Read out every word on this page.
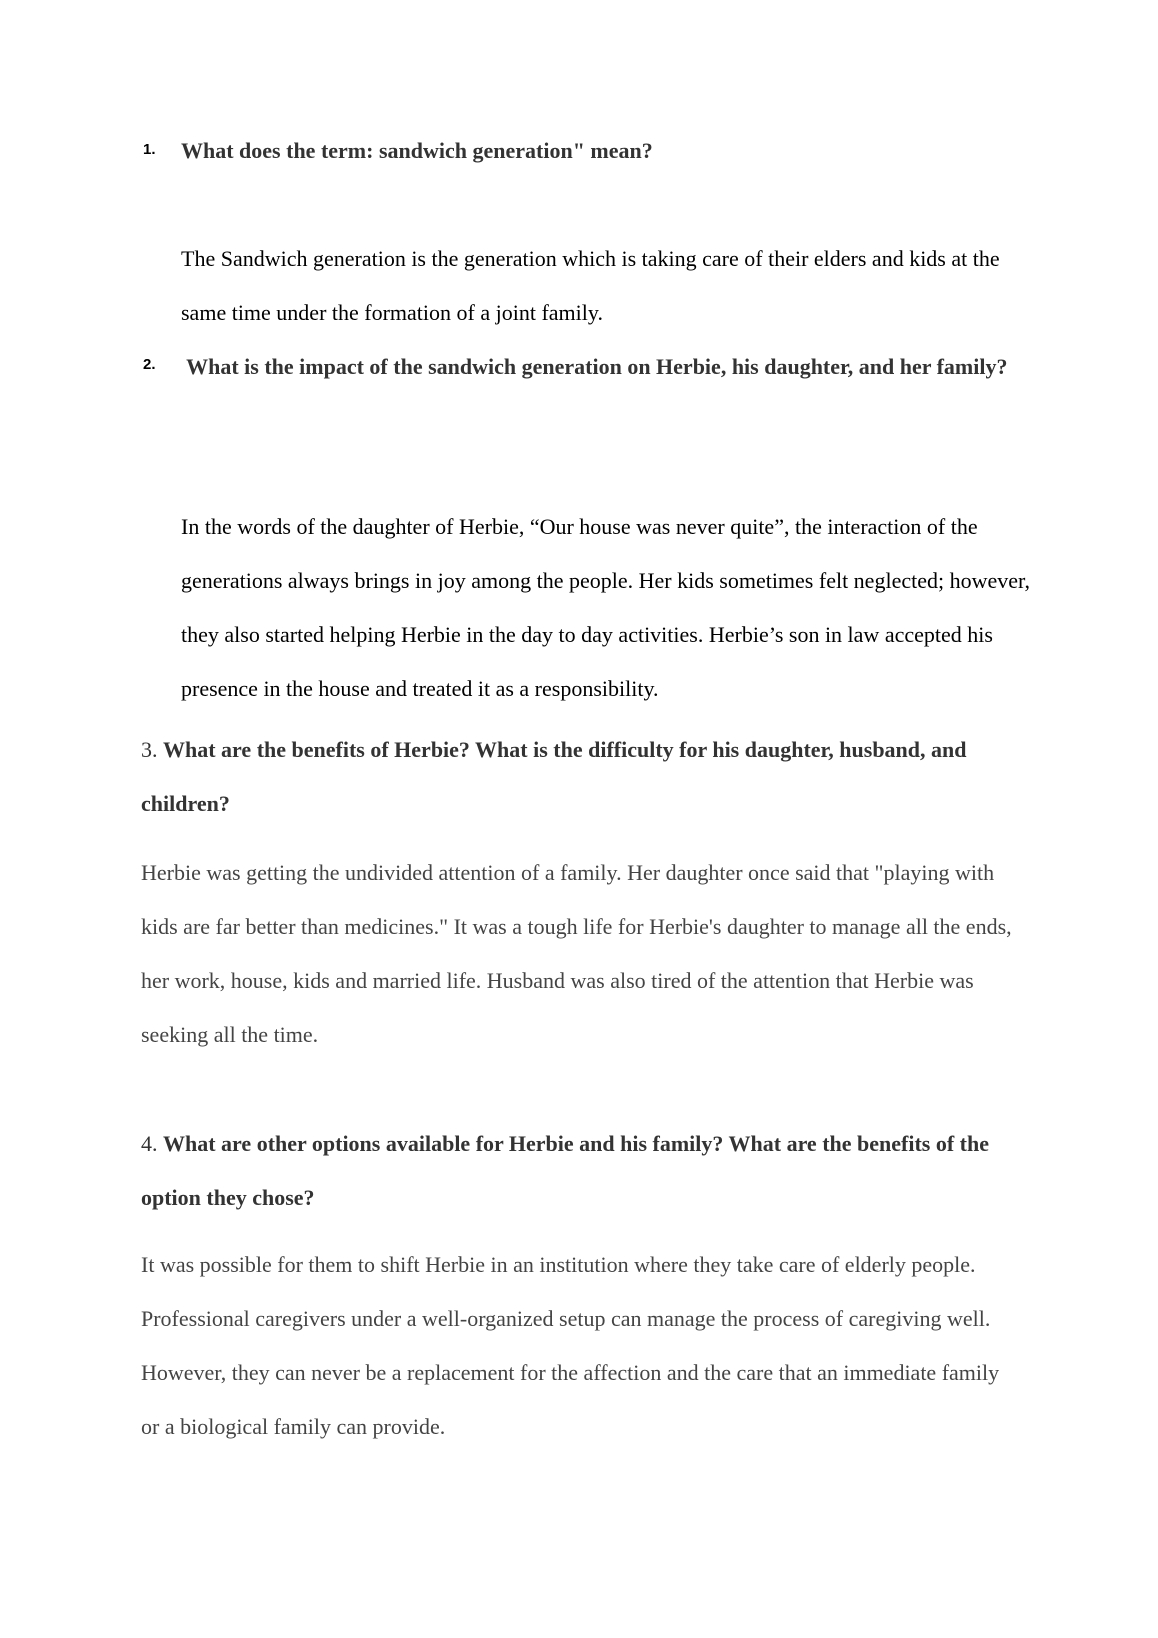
1. What does the term: sandwich generation" mean?

The Sandwich generation is the generation which is taking care of their elders and kids at the same time under the formation of a joint family.

2. What is the impact of the sandwich generation on Herbie, his daughter, and her family?

In the words of the daughter of Herbie, “Our house was never quite”, the interaction of the generations always brings in joy among the people. Her kids sometimes felt neglected; however, they also started helping Herbie in the day to day activities. Herbie’s son in law accepted his presence in the house and treated it as a responsibility.

3. What are the benefits of Herbie? What is the difficulty for his daughter, husband, and children?

Herbie was getting the undivided attention of a family. Her daughter once said that "playing with kids are far better than medicines." It was a tough life for Herbie's daughter to manage all the ends, her work, house, kids and married life. Husband was also tired of the attention that Herbie was seeking all the time.

4. What are other options available for Herbie and his family? What are the benefits of the option they chose?

It was possible for them to shift Herbie in an institution where they take care of elderly people. Professional caregivers under a well-organized setup can manage the process of caregiving well. However, they can never be a replacement for the affection and the care that an immediate family or a biological family can provide.
